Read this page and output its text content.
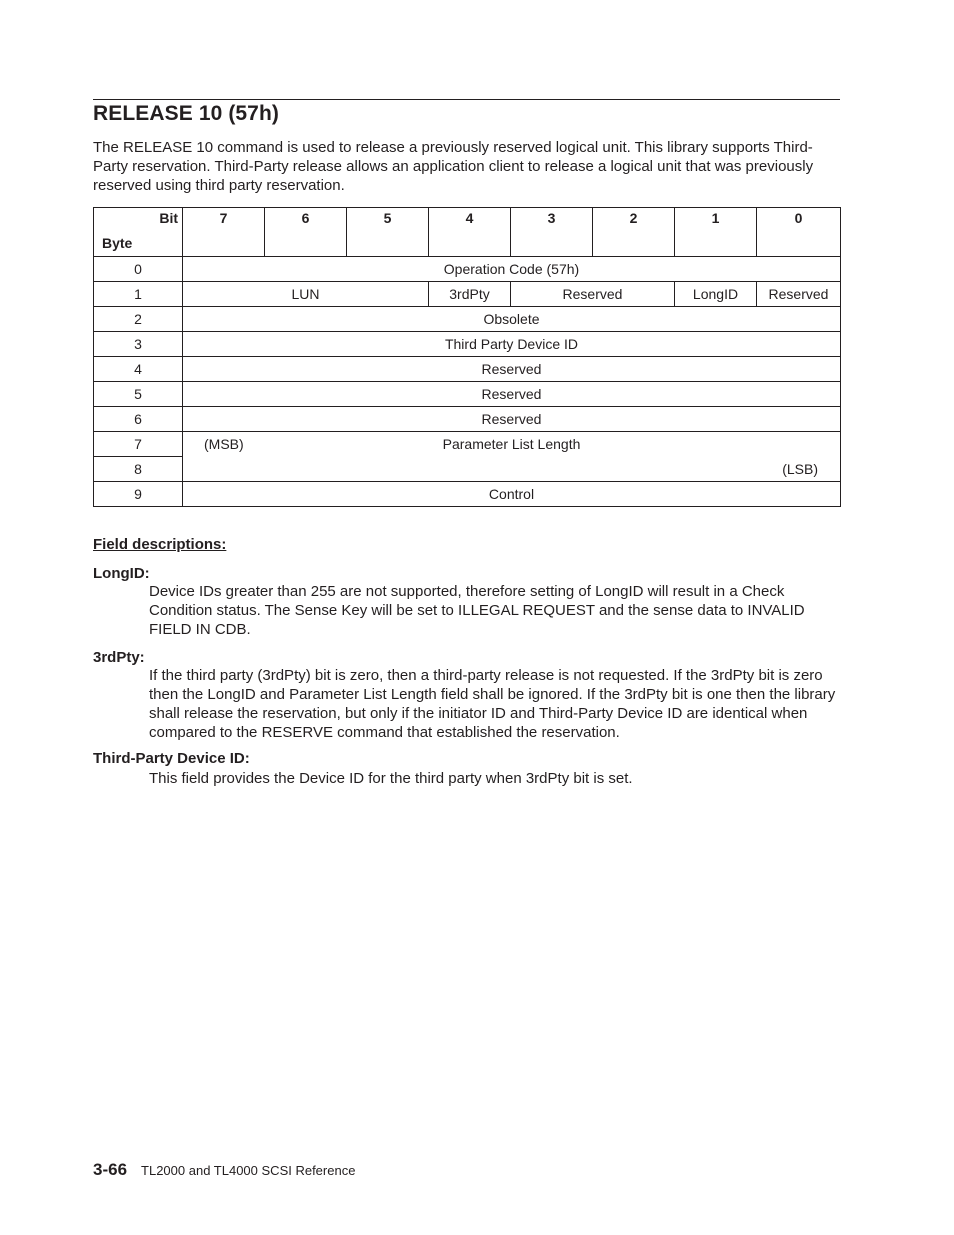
RELEASE 10 (57h)

The RELEASE 10 command is used to release a previously reserved logical unit. This library supports Third-Party reservation. Third-Party release allows an application client to release a logical unit that was previously reserved using third party reservation.

Bit
Byte	7	6	5	4	3	2	1	0
0	Operation Code (57h)							
1	LUN			3rdPty	Reserved		LongID	Reserved
2	Obsolete							
3	Third Party Device ID							
4	Reserved							
5	Reserved							
6	Reserved							
7	(MSB) Parameter List Length							
8	(LSB)							

9	Control							
Field descriptions:
LongID:

Device IDs greater than 255 are not supported, therefore setting of LongID will result in a Check Condition status. The Sense Key will be set to ILLEGAL REQUEST and the sense data to INVALID FIELD IN CDB.

3rdPty:

If the third party (3rdPty) bit is zero, then a third-party release is not requested. If the 3rdPty bit is zero then the LongID and Parameter List Length field shall be ignored. If the 3rdPty bit is one then the library shall release the reservation, but only if the initiator ID and Third-Party Device ID are identical when compared to the RESERVE command that established the reservation.

Third-Party Device ID:

This field provides the Device ID for the third party when 3rdPty bit is set.

3-66 TL2000 and TL4000 SCSI Reference
